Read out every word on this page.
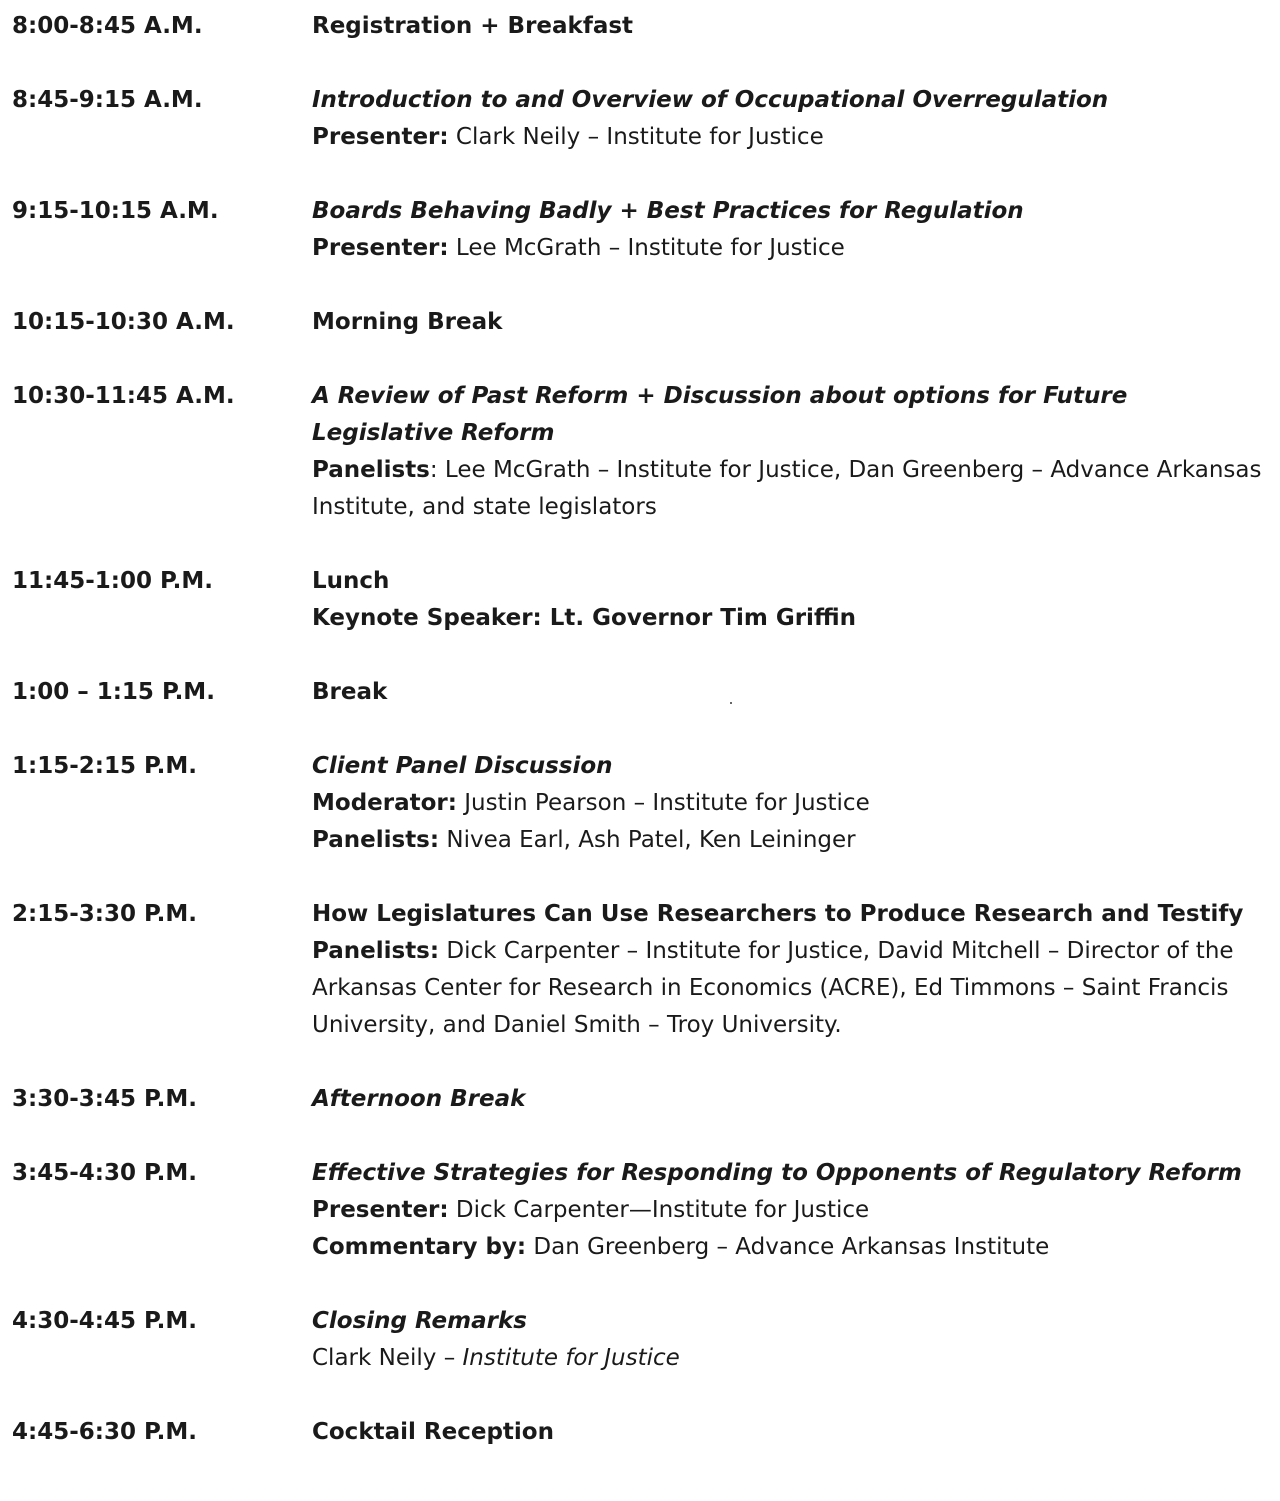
8:00-8:45 A.M.	Registration + Breakfast
8:45-9:15 A.M.	Introduction to and Overview of Occupational Overregulation
Presenter: Clark Neily – Institute for Justice
9:15-10:15 A.M.	Boards Behaving Badly + Best Practices for Regulation
Presenter: Lee McGrath – Institute for Justice
10:15-10:30 A.M.	Morning Break
10:30-11:45 A.M.	A Review of Past Reform + Discussion about options for Future Legislative Reform
Panelists: Lee McGrath – Institute for Justice, Dan Greenberg – Advance Arkansas Institute, and state legislators
11:45-1:00 P.M.	Lunch
Keynote Speaker: Lt. Governor Tim Griffin
1:00 – 1:15 P.M.	Break
1:15-2:15 P.M.	Client Panel Discussion
Moderator: Justin Pearson – Institute for Justice
Panelists: Nivea Earl, Ash Patel, Ken Leininger
2:15-3:30 P.M.	How Legislatures Can Use Researchers to Produce Research and Testify
Panelists: Dick Carpenter – Institute for Justice, David Mitchell – Director of the Arkansas Center for Research in Economics (ACRE), Ed Timmons – Saint Francis University, and Daniel Smith – Troy University.
3:30-3:45 P.M.	Afternoon Break
3:45-4:30 P.M.	Effective Strategies for Responding to Opponents of Regulatory Reform
Presenter: Dick Carpenter—Institute for Justice
Commentary by: Dan Greenberg – Advance Arkansas Institute
4:30-4:45 P.M.	Closing Remarks
Clark Neily – Institute for Justice
4:45-6:30 P.M.	Cocktail Reception
